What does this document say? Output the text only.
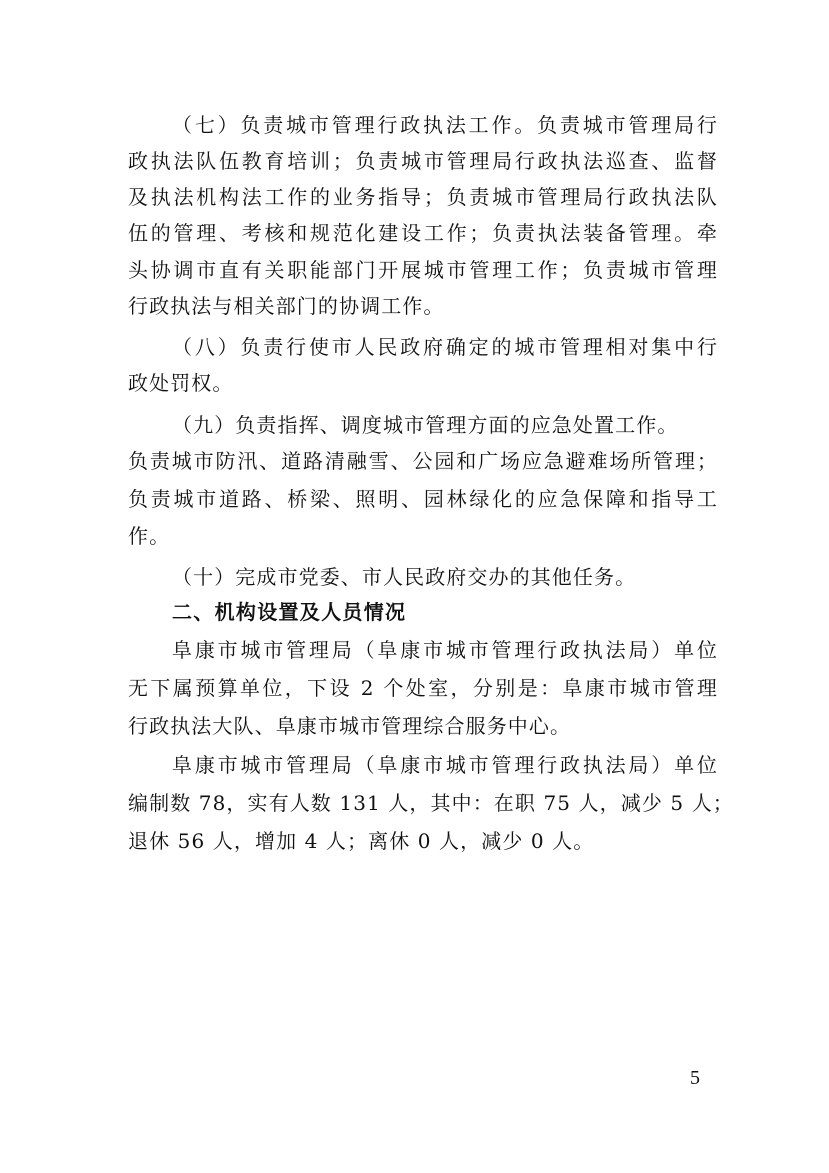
（七）负责城市管理行政执法工作。负责城市管理局行
政执法队伍教育培训；负责城市管理局行政执法巡查、监督
及执法机构法工作的业务指导；负责城市管理局行政执法队
伍的管理、考核和规范化建设工作；负责执法装备管理。牵
头协调市直有关职能部门开展城市管理工作；负责城市管理
行政执法与相关部门的协调工作。
（八）负责行使市人民政府确定的城市管理相对集中行
政处罚权。
（九）负责指挥、调度城市管理方面的应急处置工作。
负责城市防汛、道路清融雪、公园和广场应急避难场所管理；
负责城市道路、桥梁、照明、园林绿化的应急保障和指导工
作。
（十）完成市党委、市人民政府交办的其他任务。
二、机构设置及人员情况
阜康市城市管理局（阜康市城市管理行政执法局）单位
无下属预算单位，下设 2 个处室，分别是：阜康市城市管理
行政执法大队、阜康市城市管理综合服务中心。
阜康市城市管理局（阜康市城市管理行政执法局）单位
编制数 78，实有人数 131 人，其中：在职 75 人，减少 5 人；
退休 56 人，增加 4 人；离休 0 人，减少 0 人。
5
